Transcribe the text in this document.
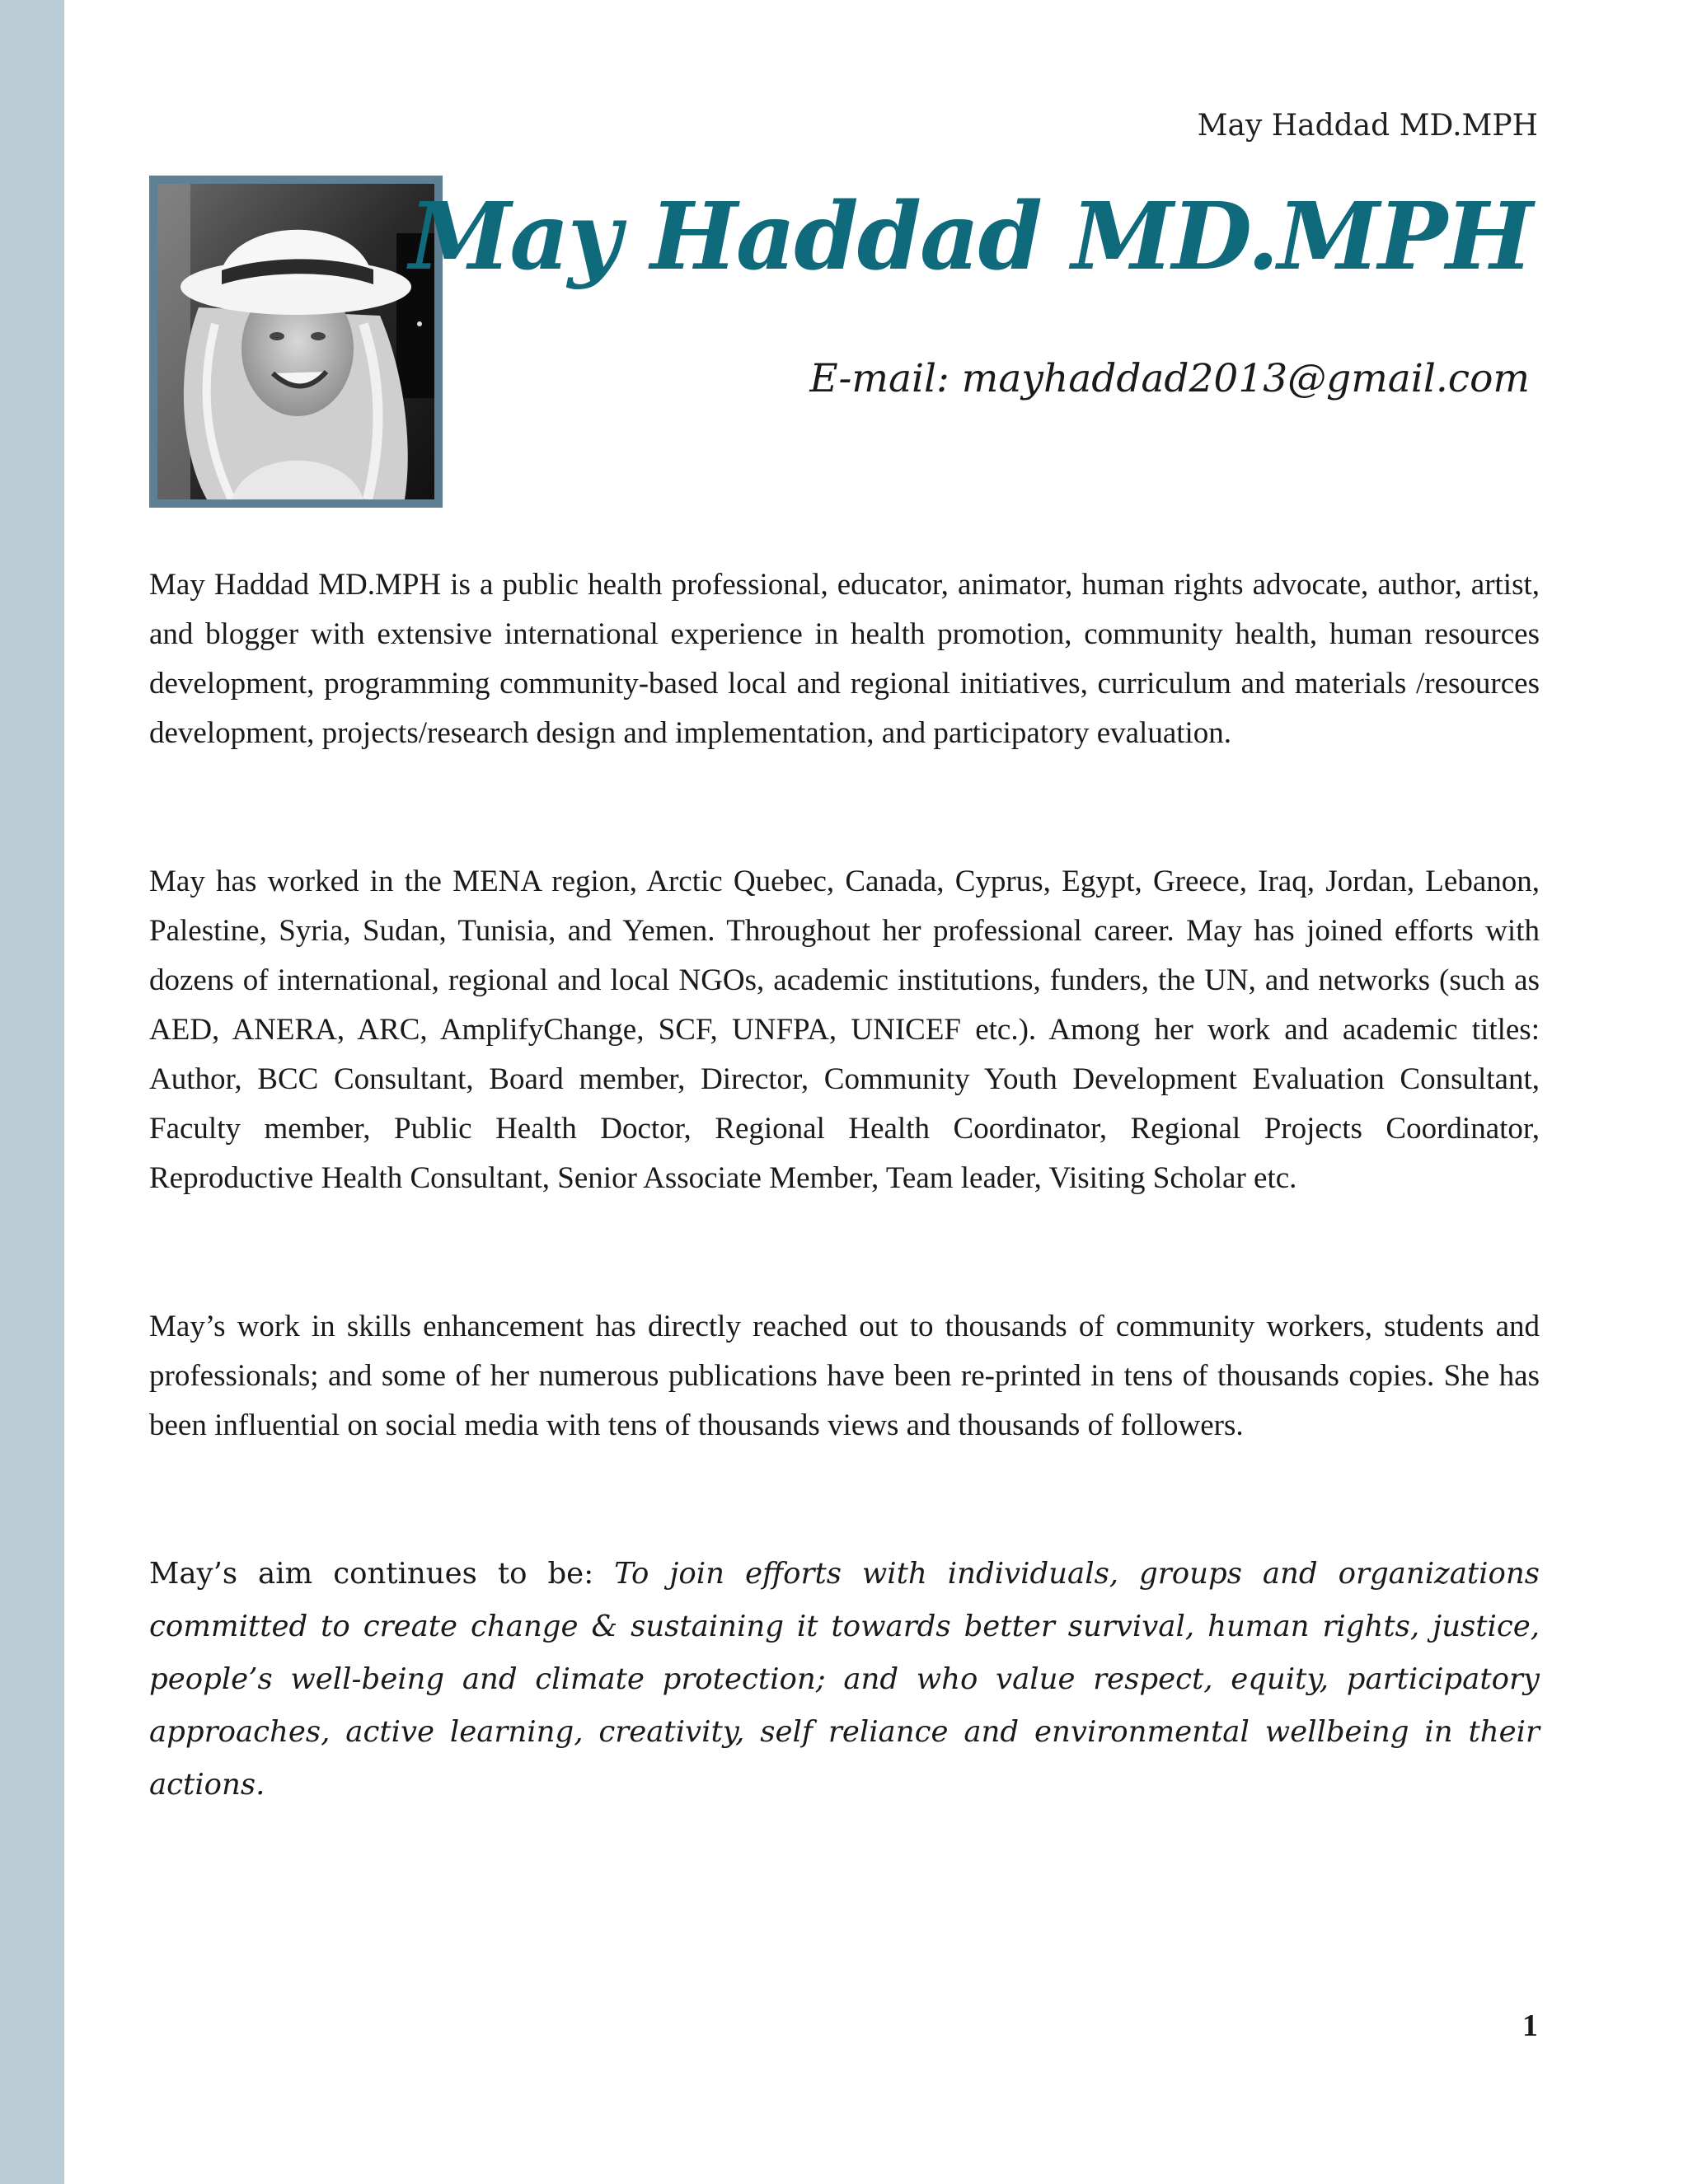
May Haddad MD.MPH
May Haddad MD.MPH
E-mail: mayhaddad2013@gmail.com

May Haddad MD.MPH is a public health professional, educator, animator, human rights advocate, author, artist, and blogger with extensive international experience in health promotion, community health, human resources development, programming community-based local and regional initiatives, curriculum and materials /resources development, projects/research design and implementation, and participatory evaluation.

May has worked in the MENA region, Arctic Quebec, Canada, Cyprus, Egypt, Greece, Iraq, Jordan, Lebanon, Palestine, Syria, Sudan, Tunisia, and Yemen. Throughout her professional career. May has joined efforts with dozens of international, regional and local NGOs, academic institutions, funders, the UN, and networks (such as AED, ANERA, ARC, AmplifyChange, SCF, UNFPA, UNICEF etc.). Among her work and academic titles: Author, BCC Consultant, Board member, Director, Community Youth Development Evaluation Consultant, Faculty member, Public Health Doctor, Regional Health Coordinator, Regional Projects Coordinator, Reproductive Health Consultant, Senior Associate Member, Team leader, Visiting Scholar etc.

May’s work in skills enhancement has directly reached out to thousands of community workers, students and professionals; and some of her numerous publications have been re-printed in tens of thousands copies. She has been influential on social media with tens of thousands views and thousands of followers.

May’s aim continues to be: To join efforts with individuals, groups and organizations committed to create change & sustaining it towards better survival, human rights, justice, people’s well-being and climate protection; and who value respect, equity, participatory approaches, active learning, creativity, self reliance and environmental wellbeing in their actions.

1
